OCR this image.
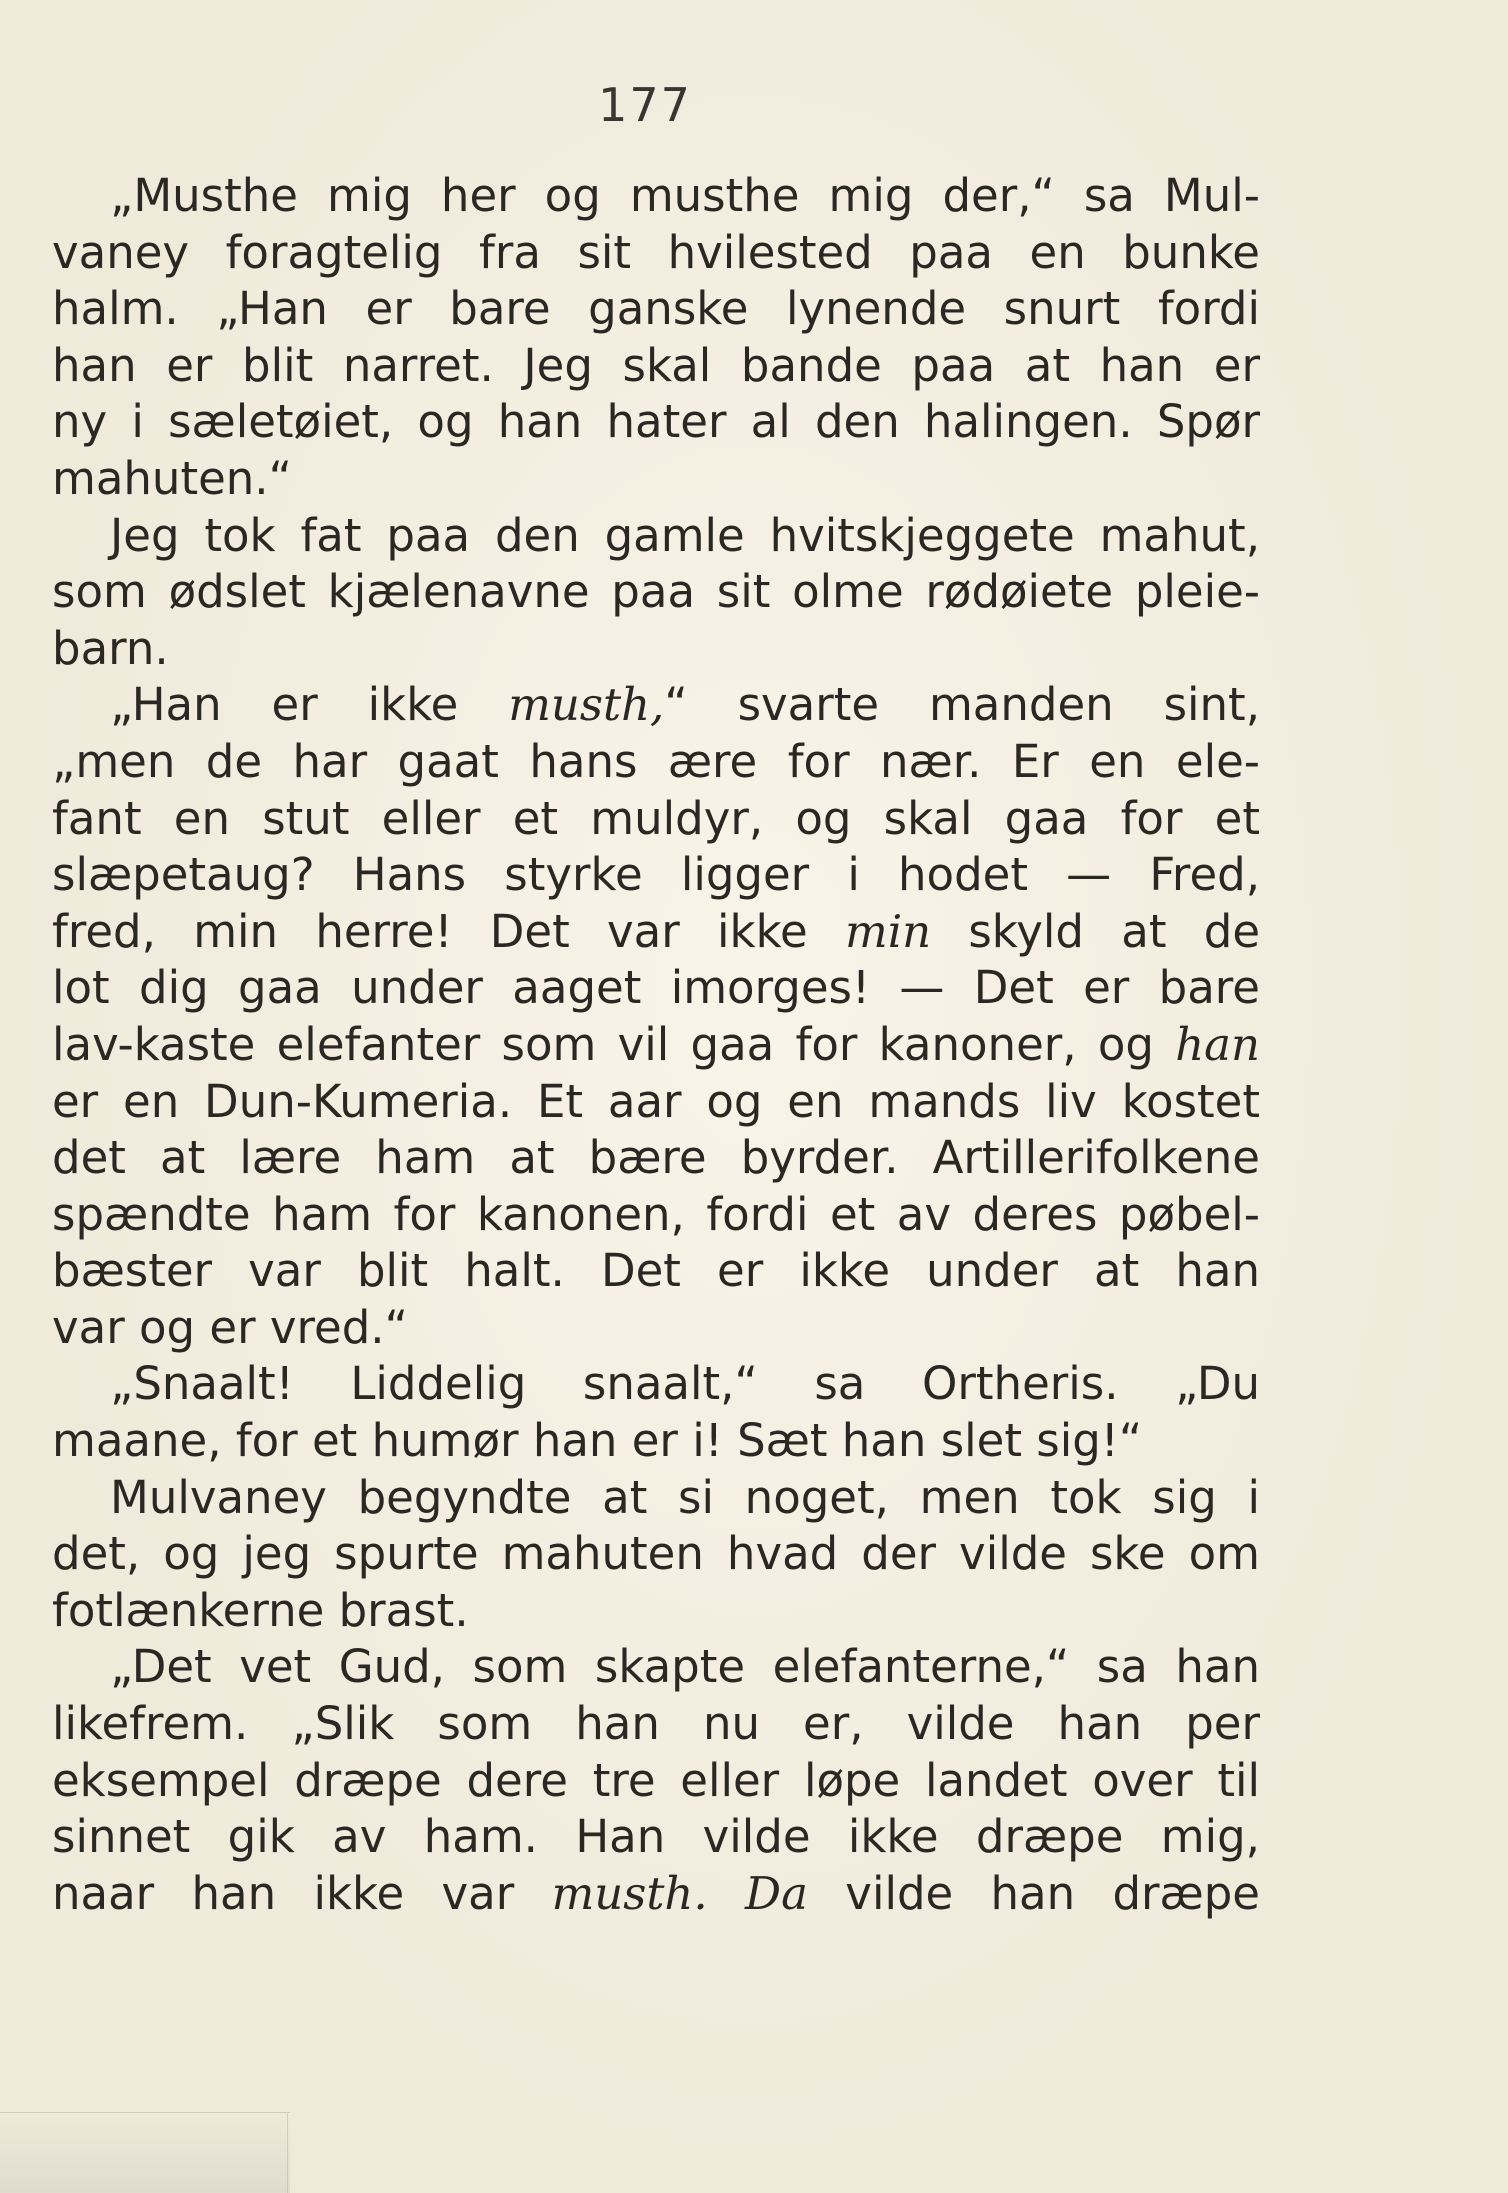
177
„Musthe mig her og musthe mig der,“ sa Mul-
vaney foragtelig fra sit hvilested paa en bunke
halm. „Han er bare ganske lynende snurt fordi
han er blit narret. Jeg skal bande paa at han er
ny i sæletøiet, og han hater al den halingen. Spør
mahuten.“
Jeg tok fat paa den gamle hvitskjeggete mahut,
som ødslet kjælenavne paa sit olme rødøiete pleie-
barn.
„Han er ikke musth,“ svarte manden sint,
„men de har gaat hans ære for nær. Er en ele-
fant en stut eller et muldyr, og skal gaa for et
slæpetaug? Hans styrke ligger i hodet — Fred,
fred, min herre! Det var ikke min skyld at de
lot dig gaa under aaget imorges! — Det er bare
lav-kaste elefanter som vil gaa for kanoner, og han
er en Dun-Kumeria. Et aar og en mands liv kostet
det at lære ham at bære byrder. Artillerifolkene
spændte ham for kanonen, fordi et av deres pøbel-
bæster var blit halt. Det er ikke under at han
var og er vred.“
„Snaalt! Liddelig snaalt,“ sa Ortheris. „Du
maane, for et humør han er i! Sæt han slet sig!“
Mulvaney begyndte at si noget, men tok sig i
det, og jeg spurte mahuten hvad der vilde ske om
fotlænkerne brast.
„Det vet Gud, som skapte elefanterne,“ sa han
likefrem. „Slik som han nu er, vilde han per
eksempel dræpe dere tre eller løpe landet over til
sinnet gik av ham. Han vilde ikke dræpe mig,
naar han ikke var musth. Da vilde han dræpe
